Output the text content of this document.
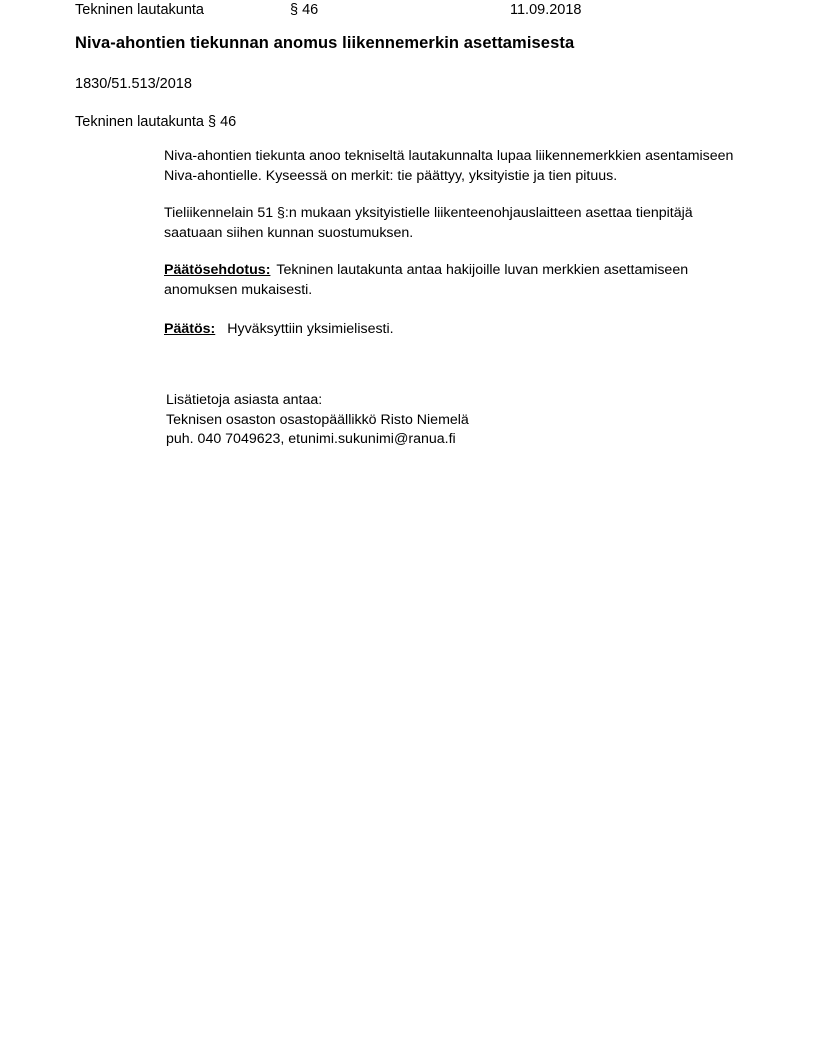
Tekninen lautakunta	§ 46	11.09.2018
Niva-ahontien tiekunnan anomus liikennemerkin asettamisesta
1830/51.513/2018
Tekninen lautakunta § 46

Niva-ahontien tiekunta anoo tekniseltä lautakunnalta lupaa liikennemerkkien asentamiseen Niva-ahontielle. Kyseessä on merkit: tie päättyy, yksityistie ja tien pituus.

Tieliikennelain 51 §:n mukaan yksityistielle liikenteenohjauslaitteen asettaa tienpitäjä saatuaan siihen kunnan suostumuksen.

Päätösehdotus: Tekninen lautakunta antaa hakijoille luvan merkkien asettamiseen anomuksen mukaisesti.

Päätös: Hyväksyttiin yksimielisesti.

Lisätietoja asiasta antaa:
Teknisen osaston osastopäällikkö Risto Niemelä
puh. 040 7049623, etunimi.sukunimi@ranua.fi
